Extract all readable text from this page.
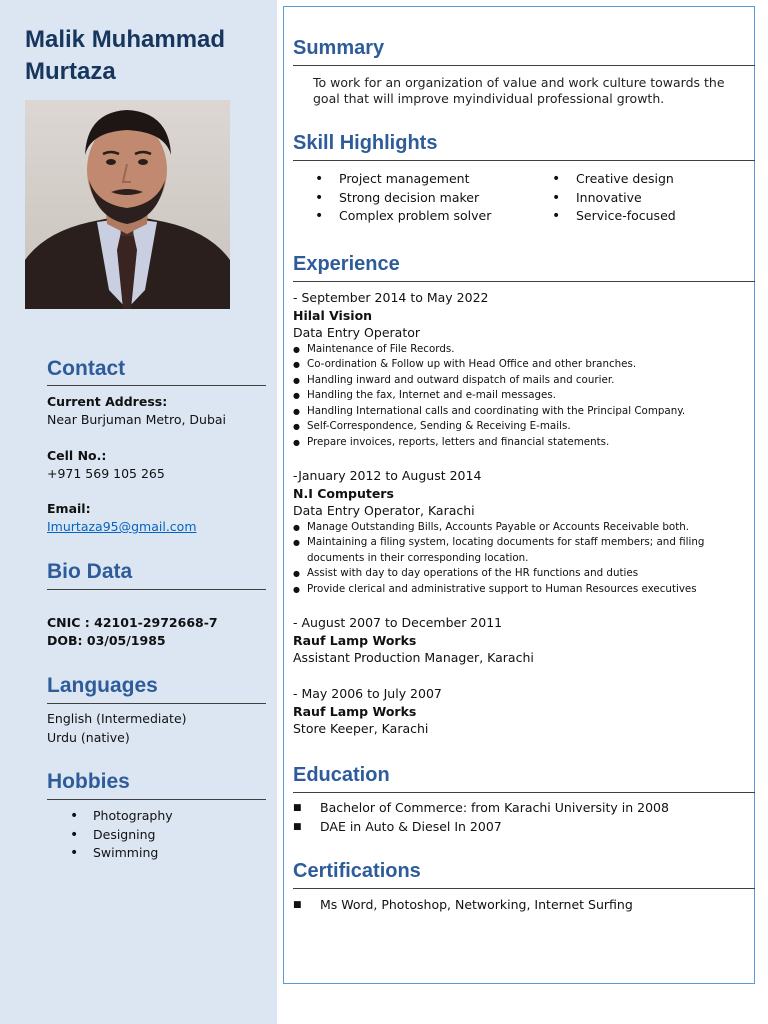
Malik Muhammad Murtaza
Contact
Current Address:
Near Burjuman Metro, Dubai
Cell No.:
+971 569 105 265
Email:
Imurtaza95@gmail.com
Bio Data
CNIC : 42101-2972668-7
DOB: 03/05/1985
Languages
English (Intermediate)
Urdu (native)
Hobbies
• Photography
• Designing
• Swimming
Summary
To work for an organization of value and work culture towards the goal that will improve myindividual professional growth.
Skill Highlights
• Project management
• Strong decision maker
• Complex problem solver
• Creative design
• Innovative
• Service-focused
Experience
- September 2014 to May 2022
Hilal Vision
Data Entry Operator
● Maintenance of File Records.
● Co-ordination & Follow up with Head Office and other branches.
● Handling inward and outward dispatch of mails and courier.
● Handling the fax, Internet and e-mail messages.
● Handling International calls and coordinating with the Principal Company.
● Self-Correspondence, Sending & Receiving E-mails.
● Prepare invoices, reports, letters and financial statements.
-January 2012 to August 2014
N.I Computers
Data Entry Operator, Karachi
● Manage Outstanding Bills, Accounts Payable or Accounts Receivable both.
● Maintaining a filing system, locating documents for staff members; and filing documents in their corresponding location.
● Assist with day to day operations of the HR functions and duties
● Provide clerical and administrative support to Human Resources executives
- August 2007 to December 2011
Rauf Lamp Works
Assistant Production Manager, Karachi
- May 2006 to July 2007
Rauf Lamp Works
Store Keeper, Karachi
Education
■ Bachelor of Commerce: from Karachi University in 2008
■ DAE in Auto & Diesel In 2007
Certifications
■ Ms Word, Photoshop, Networking, Internet Surfing
